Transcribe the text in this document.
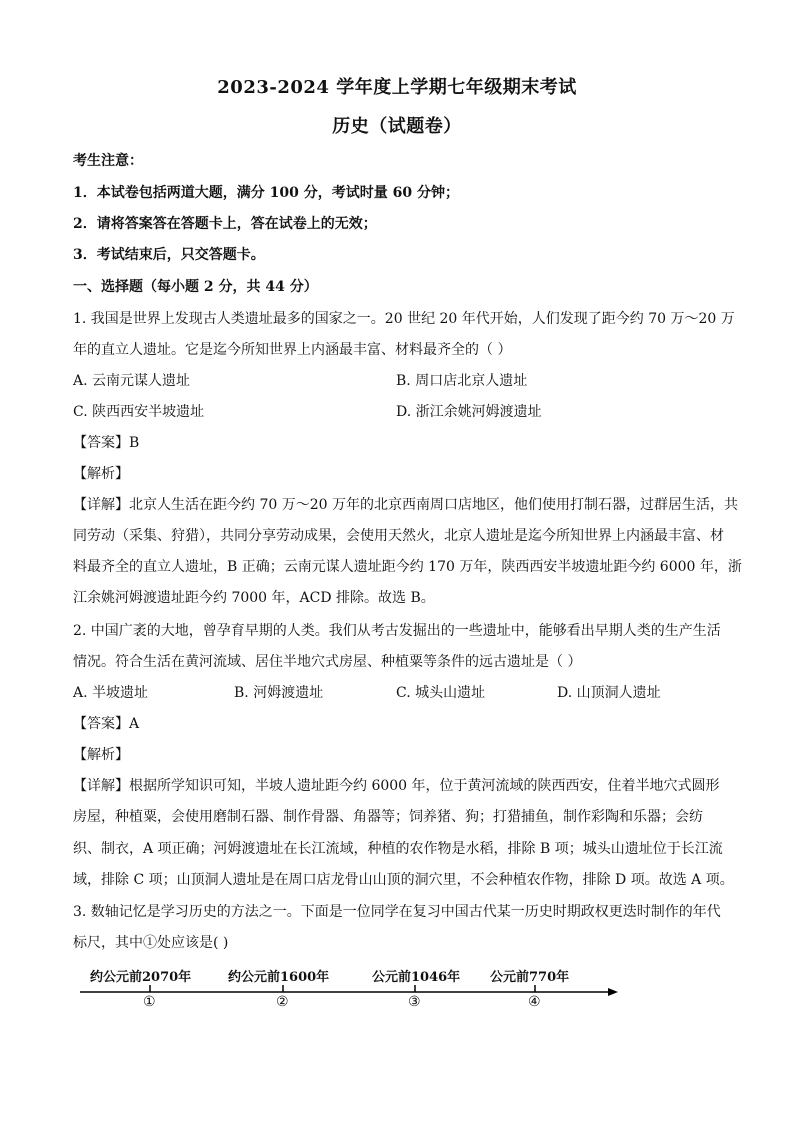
2023-2024 学年度上学期七年级期末考试
历史（试题卷）
考生注意：
1．本试卷包括两道大题，满分 100 分，考试时量 60 分钟；
2．请将答案答在答题卡上，答在试卷上的无效；
3．考试结束后，只交答题卡。
一、选择题（每小题 2 分，共 44 分）
1. 我国是世界上发现古人类遗址最多的国家之一。20 世纪 20 年代开始，人们发现了距今约 70 万～20 万
年的直立人遗址。它是迄今所知世界上内涵最丰富、材料最齐全的（ ）
A. 云南元谋人遗址	B. 周口店北京人遗址
C. 陕西西安半坡遗址	D. 浙江余姚河姆渡遗址
【答案】B
【解析】
【详解】北京人生活在距今约 70 万～20 万年的北京西南周口店地区，他们使用打制石器，过群居生活，共
同劳动（采集、狩猎），共同分享劳动成果，会使用天然火，北京人遗址是迄今所知世界上内涵最丰富、材
料最齐全的直立人遗址，B 正确；云南元谋人遗址距今约 170 万年，陕西西安半坡遗址距今约 6000 年，浙
江余姚河姆渡遗址距今约 7000 年，ACD 排除。故选 B。
2. 中国广袤的大地，曾孕育早期的人类。我们从考古发掘出的一些遗址中，能够看出早期人类的生产生活
情况。符合生活在黄河流域、居住半地穴式房屋、种植粟等条件的远古遗址是（ ）
A. 半坡遗址	B. 河姆渡遗址	C. 城头山遗址	D. 山顶洞人遗址
【答案】A
【解析】
【详解】根据所学知识可知，半坡人遗址距今约 6000 年，位于黄河流域的陕西西安，住着半地穴式圆形
房屋，种植粟，会使用磨制石器、制作骨器、角器等；饲养猪、狗；打猎捕鱼，制作彩陶和乐器；会纺
织、制衣，A 项正确；河姆渡遗址在长江流域，种植的农作物是水稻，排除 B 项；城头山遗址位于长江流
域，排除 C 项；山顶洞人遗址是在周口店龙骨山山顶的洞穴里，不会种植农作物，排除 D 项。故选 A 项。
3. 数轴记忆是学习历史的方法之一。下面是一位同学在复习中国古代某一历史时期政权更迭时制作的年代
标尺，其中①处应该是( )
约公元前2070年	约公元前1600年	公元前1046年 公元前770年
①	②	③	④
